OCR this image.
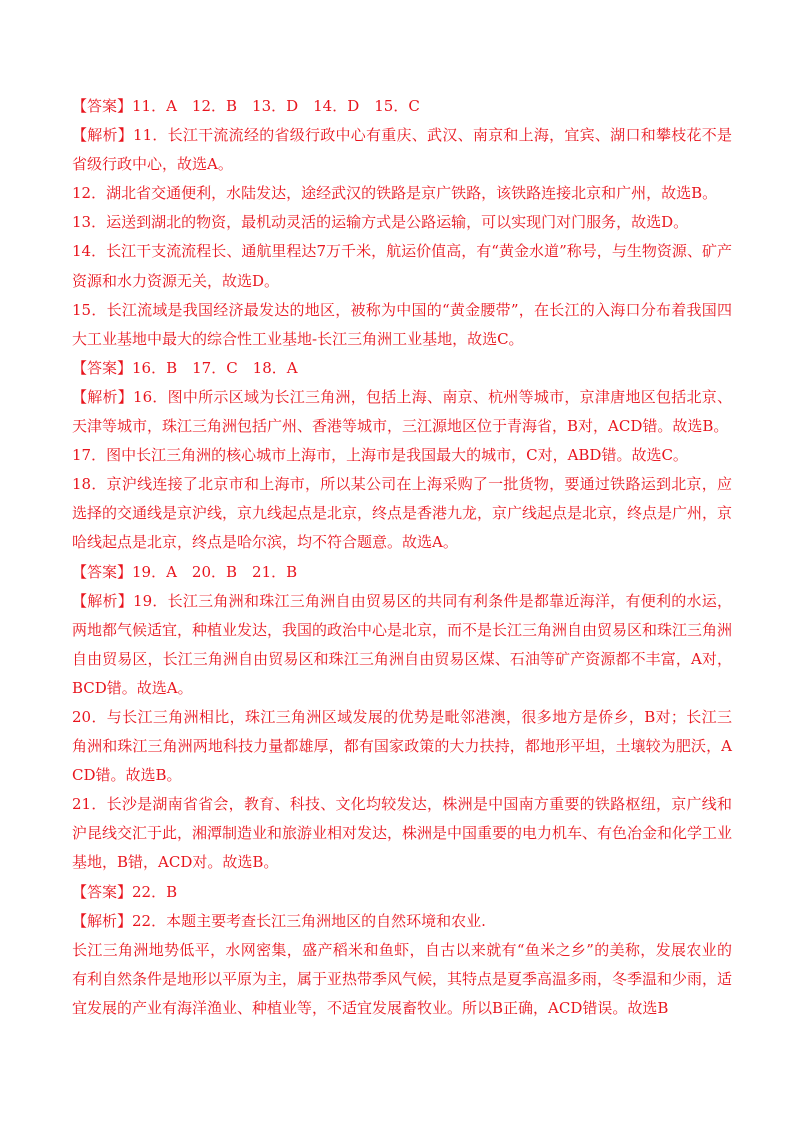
【答案】11．A　12．B　13．D　14．D　15．C

【解析】11．长江干流流经的省级行政中心有重庆、武汉、南京和上海，宜宾、湖口和攀枝花不是省级行政中心，故选A。

12．湖北省交通便利，水陆发达，途经武汉的铁路是京广铁路，该铁路连接北京和广州，故选B。

13．运送到湖北的物资，最机动灵活的运输方式是公路运输，可以实现门对门服务，故选D。

14．长江干支流流程长、通航里程达7万千米，航运价值高，有“黄金水道”称号，与生物资源、矿产资源和水力资源无关，故选D。

15．长江流域是我国经济最发达的地区，被称为中国的“黄金腰带”，在长江的入海口分布着我国四大工业基地中最大的综合性工业基地-长江三角洲工业基地，故选C。

【答案】16．B　17．C　18．A

【解析】16．图中所示区域为长江三角洲，包括上海、南京、杭州等城市，京津唐地区包括北京、天津等城市，珠江三角洲包括广州、香港等城市，三江源地区位于青海省，B对，ACD错。故选B。

17．图中长江三角洲的核心城市上海市，上海市是我国最大的城市，C对，ABD错。故选C。

18．京沪线连接了北京市和上海市，所以某公司在上海采购了一批货物，要通过铁路运到北京，应选择的交通线是京沪线，京九线起点是北京，终点是香港九龙，京广线起点是北京，终点是广州，京哈线起点是北京，终点是哈尔滨，均不符合题意。故选A。

【答案】19．A　20．B　21．B

【解析】19．长江三角洲和珠江三角洲自由贸易区的共同有利条件是都靠近海洋，有便利的水运，两地都气候适宜，种植业发达，我国的政治中心是北京，而不是长江三角洲自由贸易区和珠江三角洲自由贸易区，长江三角洲自由贸易区和珠江三角洲自由贸易区煤、石油等矿产资源都不丰富，A对，BCD错。故选A。

20．与长江三角洲相比，珠江三角洲区域发展的优势是毗邻港澳，很多地方是侨乡，B对；长江三角洲和珠江三角洲两地科技力量都雄厚，都有国家政策的大力扶持，都地形平坦，土壤较为肥沃，ACD错。故选B。

21．长沙是湖南省省会，教育、科技、文化均较发达，株洲是中国南方重要的铁路枢纽，京广线和沪昆线交汇于此，湘潭制造业和旅游业相对发达，株洲是中国重要的电力机车、有色冶金和化学工业基地，B错，ACD对。故选B。

【答案】22．B

【解析】22．本题主要考查长江三角洲地区的自然环境和农业.

长江三角洲地势低平，水网密集，盛产稻米和鱼虾，自古以来就有“鱼米之乡”的美称，发展农业的有利自然条件是地形以平原为主，属于亚热带季风气候，其特点是夏季高温多雨，冬季温和少雨，适宜发展的产业有海洋渔业、种植业等，不适宜发展畜牧业。所以B正确，ACD错误。故选B
